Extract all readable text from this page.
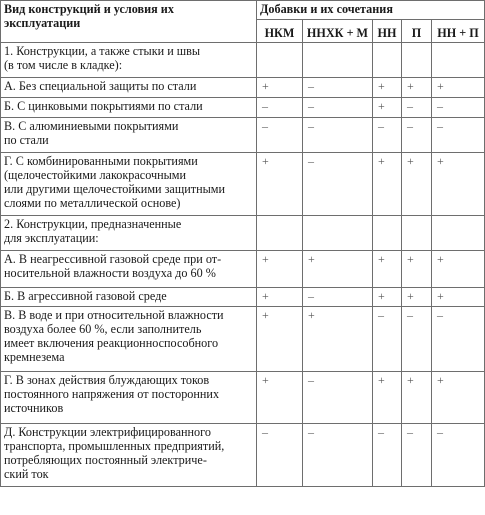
Вид конструкций и условия их
эксплуатации	Добавки и их сочетания				
	НКМ	ННХК + М	НН	П	НН + П
1. Конструкции, а также стыки и швы
(в том числе в кладке):					
А. Без специальной защиты по стали	+	–	+	+	+
Б. С цинковыми покрытиями по стали	–	–	+	–	–
В. С алюминиевыми покрытиями
по стали	–	–	–	–	–
Г. С комбинированными покрытиями
(щелочестойкими лакокрасочными
или другими щелочестойкими защитными
слоями по металлической основе)	+	–	+	+	+
2. Конструкции, предназначенные
для эксплуатации:					
А. В неагрессивной газовой среде при от-
носительной влажности воздуха до 60 %	+	+	+	+	+
Б. В агрессивной газовой среде	+	–	+	+	+
В. В воде и при относительной влажности
воздуха более 60 %, если заполнитель
имеет включения реакционноспособного
кремнезема	+	+	–	–	–
Г. В зонах действия блуждающих токов
постоянного напряжения от посторонних
источников	+	–	+	+	+
Д. Конструкции электрифицированного
транспорта, промышленных предприятий,
потребляющих постоянный электриче-
ский ток	–	–	–	–	–
